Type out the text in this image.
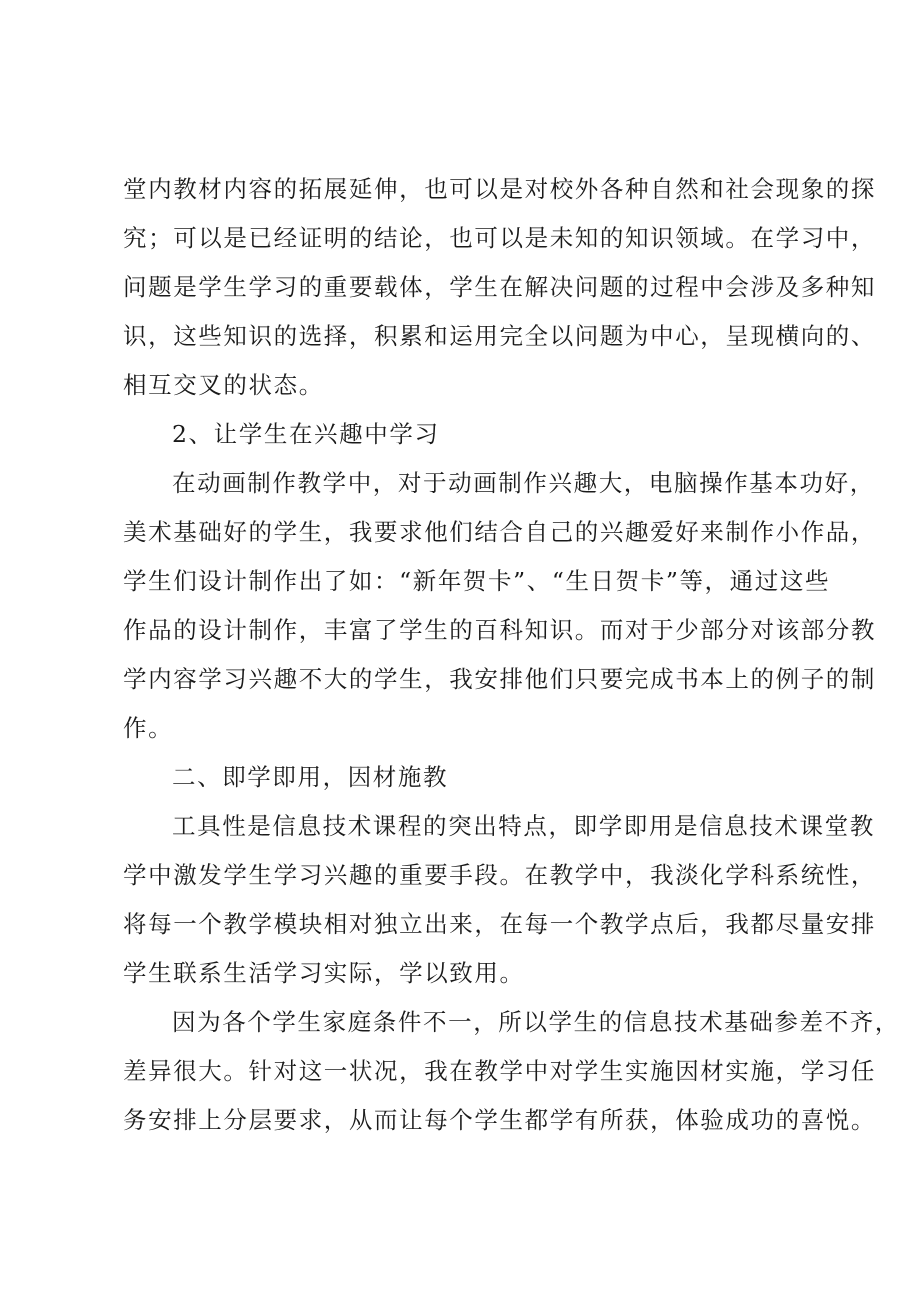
堂内教材内容的拓展延伸，也可以是对校外各种自然和社会现象的探
究；可以是已经证明的结论，也可以是未知的知识领域。在学习中，
问题是学生学习的重要载体，学生在解决问题的过程中会涉及多种知
识，这些知识的选择，积累和运用完全以问题为中心，呈现横向的、
相互交叉的状态。
2、让学生在兴趣中学习
在动画制作教学中，对于动画制作兴趣大，电脑操作基本功好，
美术基础好的学生，我要求他们结合自己的兴趣爱好来制作小作品，
学生们设计制作出了如：“新年贺卡”、“生日贺卡”等，通过这些
作品的设计制作，丰富了学生的百科知识。而对于少部分对该部分教
学内容学习兴趣不大的学生，我安排他们只要完成书本上的例子的制
作。
二、即学即用，因材施教
工具性是信息技术课程的突出特点，即学即用是信息技术课堂教
学中激发学生学习兴趣的重要手段。在教学中，我淡化学科系统性，
将每一个教学模块相对独立出来，在每一个教学点后，我都尽量安排
学生联系生活学习实际，学以致用。
因为各个学生家庭条件不一，所以学生的信息技术基础参差不齐，
差异很大。针对这一状况，我在教学中对学生实施因材实施，学习任
务安排上分层要求，从而让每个学生都学有所获，体验成功的喜悦。
